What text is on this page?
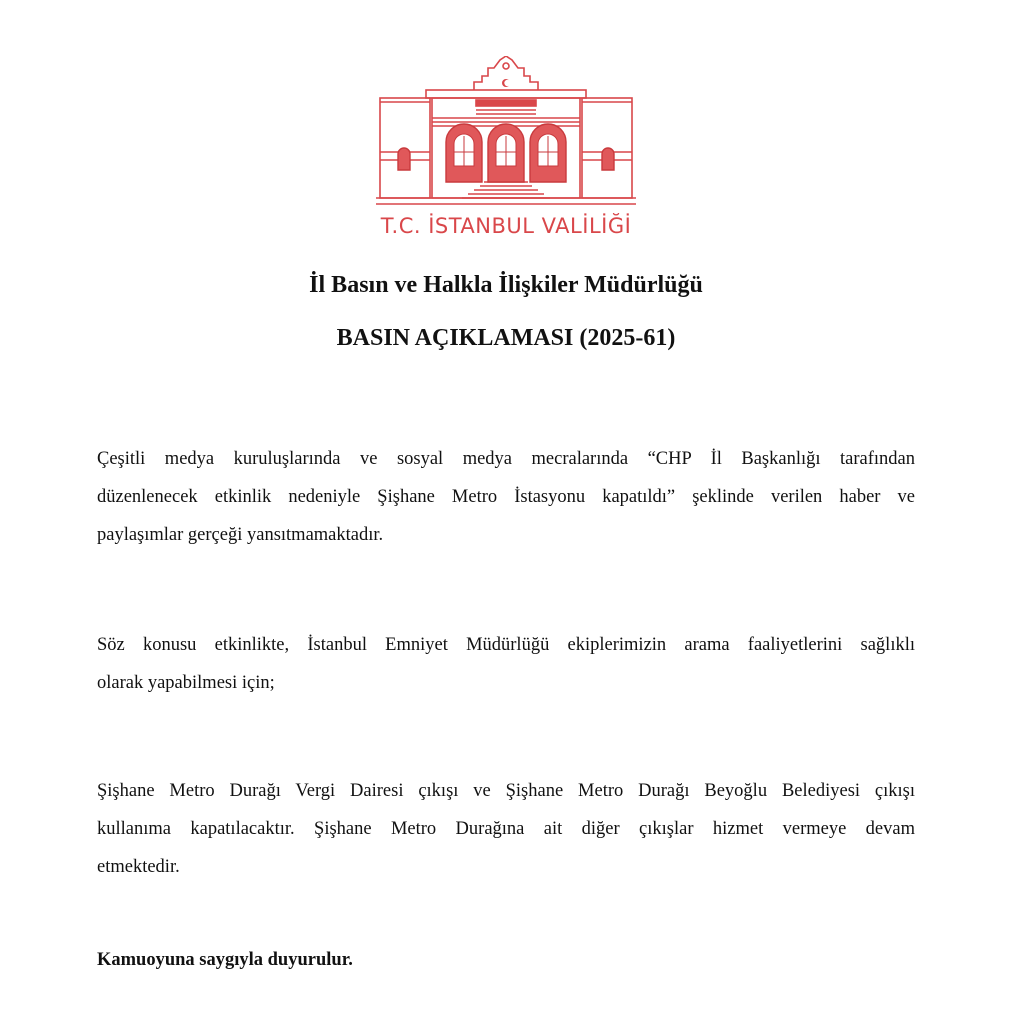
T.C. İSTANBUL VALİLİĞİ
İl Basın ve Halkla İlişkiler Müdürlüğü
BASIN AÇIKLAMASI (2025-61)
Çeşitli medya kuruluşlarında ve sosyal medya mecralarında “CHP İl Başkanlığı tarafından
düzenlenecek etkinlik nedeniyle Şişhane Metro İstasyonu kapatıldı” şeklinde verilen haber ve
paylaşımlar gerçeği yansıtmamaktadır.
Söz konusu etkinlikte, İstanbul Emniyet Müdürlüğü ekiplerimizin arama faaliyetlerini sağlıklı
olarak yapabilmesi için;
Şişhane Metro Durağı Vergi Dairesi çıkışı ve Şişhane Metro Durağı Beyoğlu Belediyesi çıkışı
kullanıma kapatılacaktır. Şişhane Metro Durağına ait diğer çıkışlar hizmet vermeye devam
etmektedir.
Kamuoyuna saygıyla duyurulur.
